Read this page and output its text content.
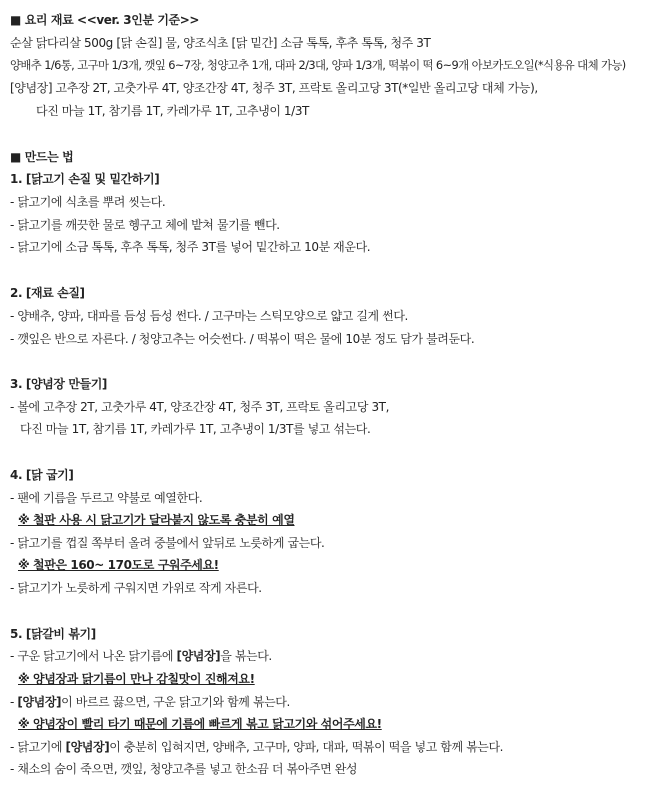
■ 요리 재료 <<ver. 3인분 기준>>
순살 닭다리살 500g [닭 손질] 물, 양조식초 [닭 밑간] 소금 톡톡, 후추 톡톡, 청주 3T
양배추 1/6통, 고구마 1/3개, 깻잎 6~7장, 청양고추 1개, 대파 2/3대, 양파 1/3개, 떡볶이 떡 6~9개 아보카도오일(*식용유 대체 가능)
[양념장] 고추장 2T, 고춧가루 4T, 양조간장 4T, 청주 3T, 프락토 올리고당 3T(*일반 올리고당 대체 가능),
다진 마늘 1T, 참기름 1T, 카레가루 1T, 고추냉이 1/3T
■ 만드는 법
1. [닭고기 손질 및 밑간하기]
- 닭고기에 식초를 뿌려 씻는다.
- 닭고기를 깨끗한 물로 헹구고 체에 밭쳐 물기를 뺀다.
- 닭고기에 소금 톡톡, 후추 톡톡, 청주 3T를 넣어 밑간하고 10분 재운다.
2. [재료 손질]
- 양배추, 양파, 대파를 듬성 듬성 썬다. / 고구마는 스틱모양으로 얇고 길게 썬다.
- 깻잎은 반으로 자른다. / 청양고추는 어슷썬다. / 떡볶이 떡은 물에 10분 정도 담가 불려둔다.
3. [양념장 만들기]
- 볼에 고추장 2T, 고춧가루 4T, 양조간장 4T, 청주 3T, 프락토 올리고당 3T,
다진 마늘 1T, 참기름 1T, 카레가루 1T, 고추냉이 1/3T를 넣고 섞는다.
4. [닭 굽기]
- 팬에 기름을 두르고 약불로 예열한다.
※ 철판 사용 시 닭고기가 달라붙지 않도록 충분히 예열
- 닭고기를 껍질 쪽부터 올려 중불에서 앞뒤로 노릇하게 굽는다.
※ 철판은 160~ 170도로 구워주세요!
- 닭고기가 노릇하게 구워지면 가위로 작게 자른다.
5. [닭갈비 볶기]
- 구운 닭고기에서 나온 닭기름에 [양념장]을 볶는다.
※ 양념장과 닭기름이 만나 감칠맛이 진해져요!
- [양념장]이 바르르 끓으면, 구운 닭고기와 함께 볶는다.
※ 양념장이 빨리 타기 때문에 기름에 빠르게 볶고 닭고기와 섞어주세요!
- 닭고기에 [양념장]이 충분히 입혀지면, 양배추, 고구마, 양파, 대파, 떡볶이 떡을 넣고 함께 볶는다.
- 채소의 숨이 죽으면, 깻잎, 청양고추를 넣고 한소끔 더 볶아주면 완성
